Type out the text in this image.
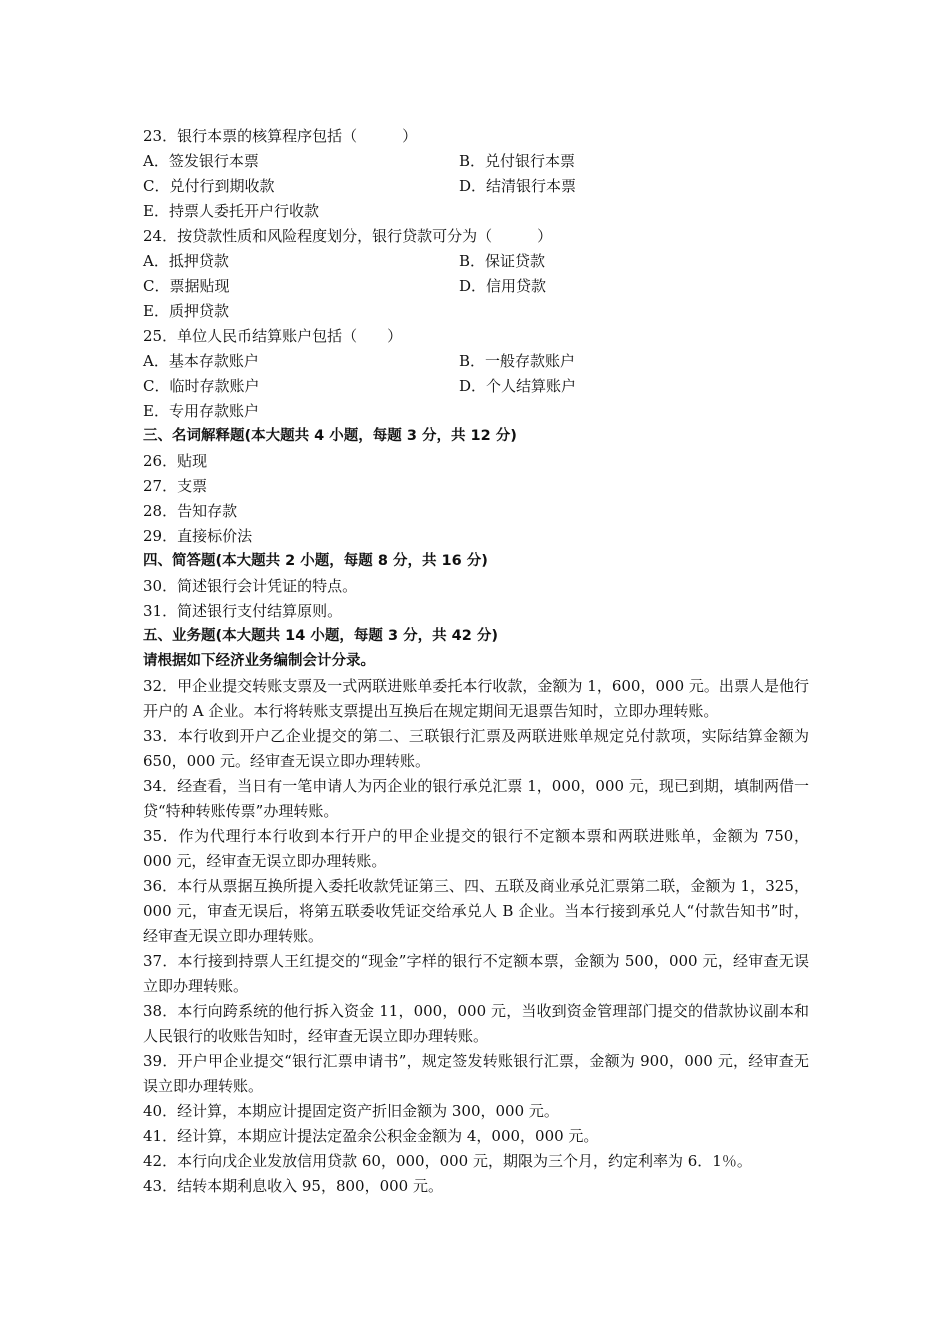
23．银行本票的核算程序包括（　　　）
A．签发银行本票	B．兑付银行本票
C．兑付行到期收款	D．结清银行本票
E．持票人委托开户行收款
24．按贷款性质和风险程度划分，银行贷款可分为（　　　）
A．抵押贷款	B．保证贷款
C．票据贴现	D．信用贷款
E．质押贷款
25．单位人民币结算账户包括（　　）
A．基本存款账户	B．一般存款账户
C．临时存款账户	D．个人结算账户
E．专用存款账户
三、名词解释题(本大题共 4 小题，每题 3 分，共 12 分)
26．贴现
27．支票
28．告知存款
29．直接标价法
四、简答题(本大题共 2 小题，每题 8 分，共 16 分)
30．简述银行会计凭证的特点。
31．简述银行支付结算原则。
五、业务题(本大题共 14 小题，每题 3 分，共 42 分)
请根据如下经济业务编制会计分录。
32．甲企业提交转账支票及一式两联进账单委托本行收款，金额为 1，600，000 元。出票人是他行开户的 A 企业。本行将转账支票提出互换后在规定期间无退票告知时，立即办理转账。
33．本行收到开户乙企业提交的第二、三联银行汇票及两联进账单规定兑付款项，实际结算金额为 650，000 元。经审查无误立即办理转账。
34．经查看，当日有一笔申请人为丙企业的银行承兑汇票 1，000，000 元，现已到期，填制两借一贷“特种转账传票”办理转账。
35．作为代理行本行收到本行开户的甲企业提交的银行不定额本票和两联进账单，金额为 750，000 元，经审查无误立即办理转账。
36．本行从票据互换所提入委托收款凭证第三、四、五联及商业承兑汇票第二联，金额为 1，325，000 元，审查无误后，将第五联委收凭证交给承兑人 B 企业。当本行接到承兑人“付款告知书”时，经审查无误立即办理转账。
37．本行接到持票人王红提交的“现金”字样的银行不定额本票，金额为 500，000 元，经审查无误立即办理转账。
38．本行向跨系统的他行拆入资金 11，000，000 元，当收到资金管理部门提交的借款协议副本和人民银行的收账告知时，经审查无误立即办理转账。
39．开户甲企业提交“银行汇票申请书”，规定签发转账银行汇票，金额为 900，000 元，经审查无误立即办理转账。
40．经计算，本期应计提固定资产折旧金额为 300，000 元。
41．经计算，本期应计提法定盈余公积金金额为 4，000，000 元。
42．本行向戊企业发放信用贷款 60，000，000 元，期限为三个月，约定利率为 6．1％。
43．结转本期利息收入 95，800，000 元。
